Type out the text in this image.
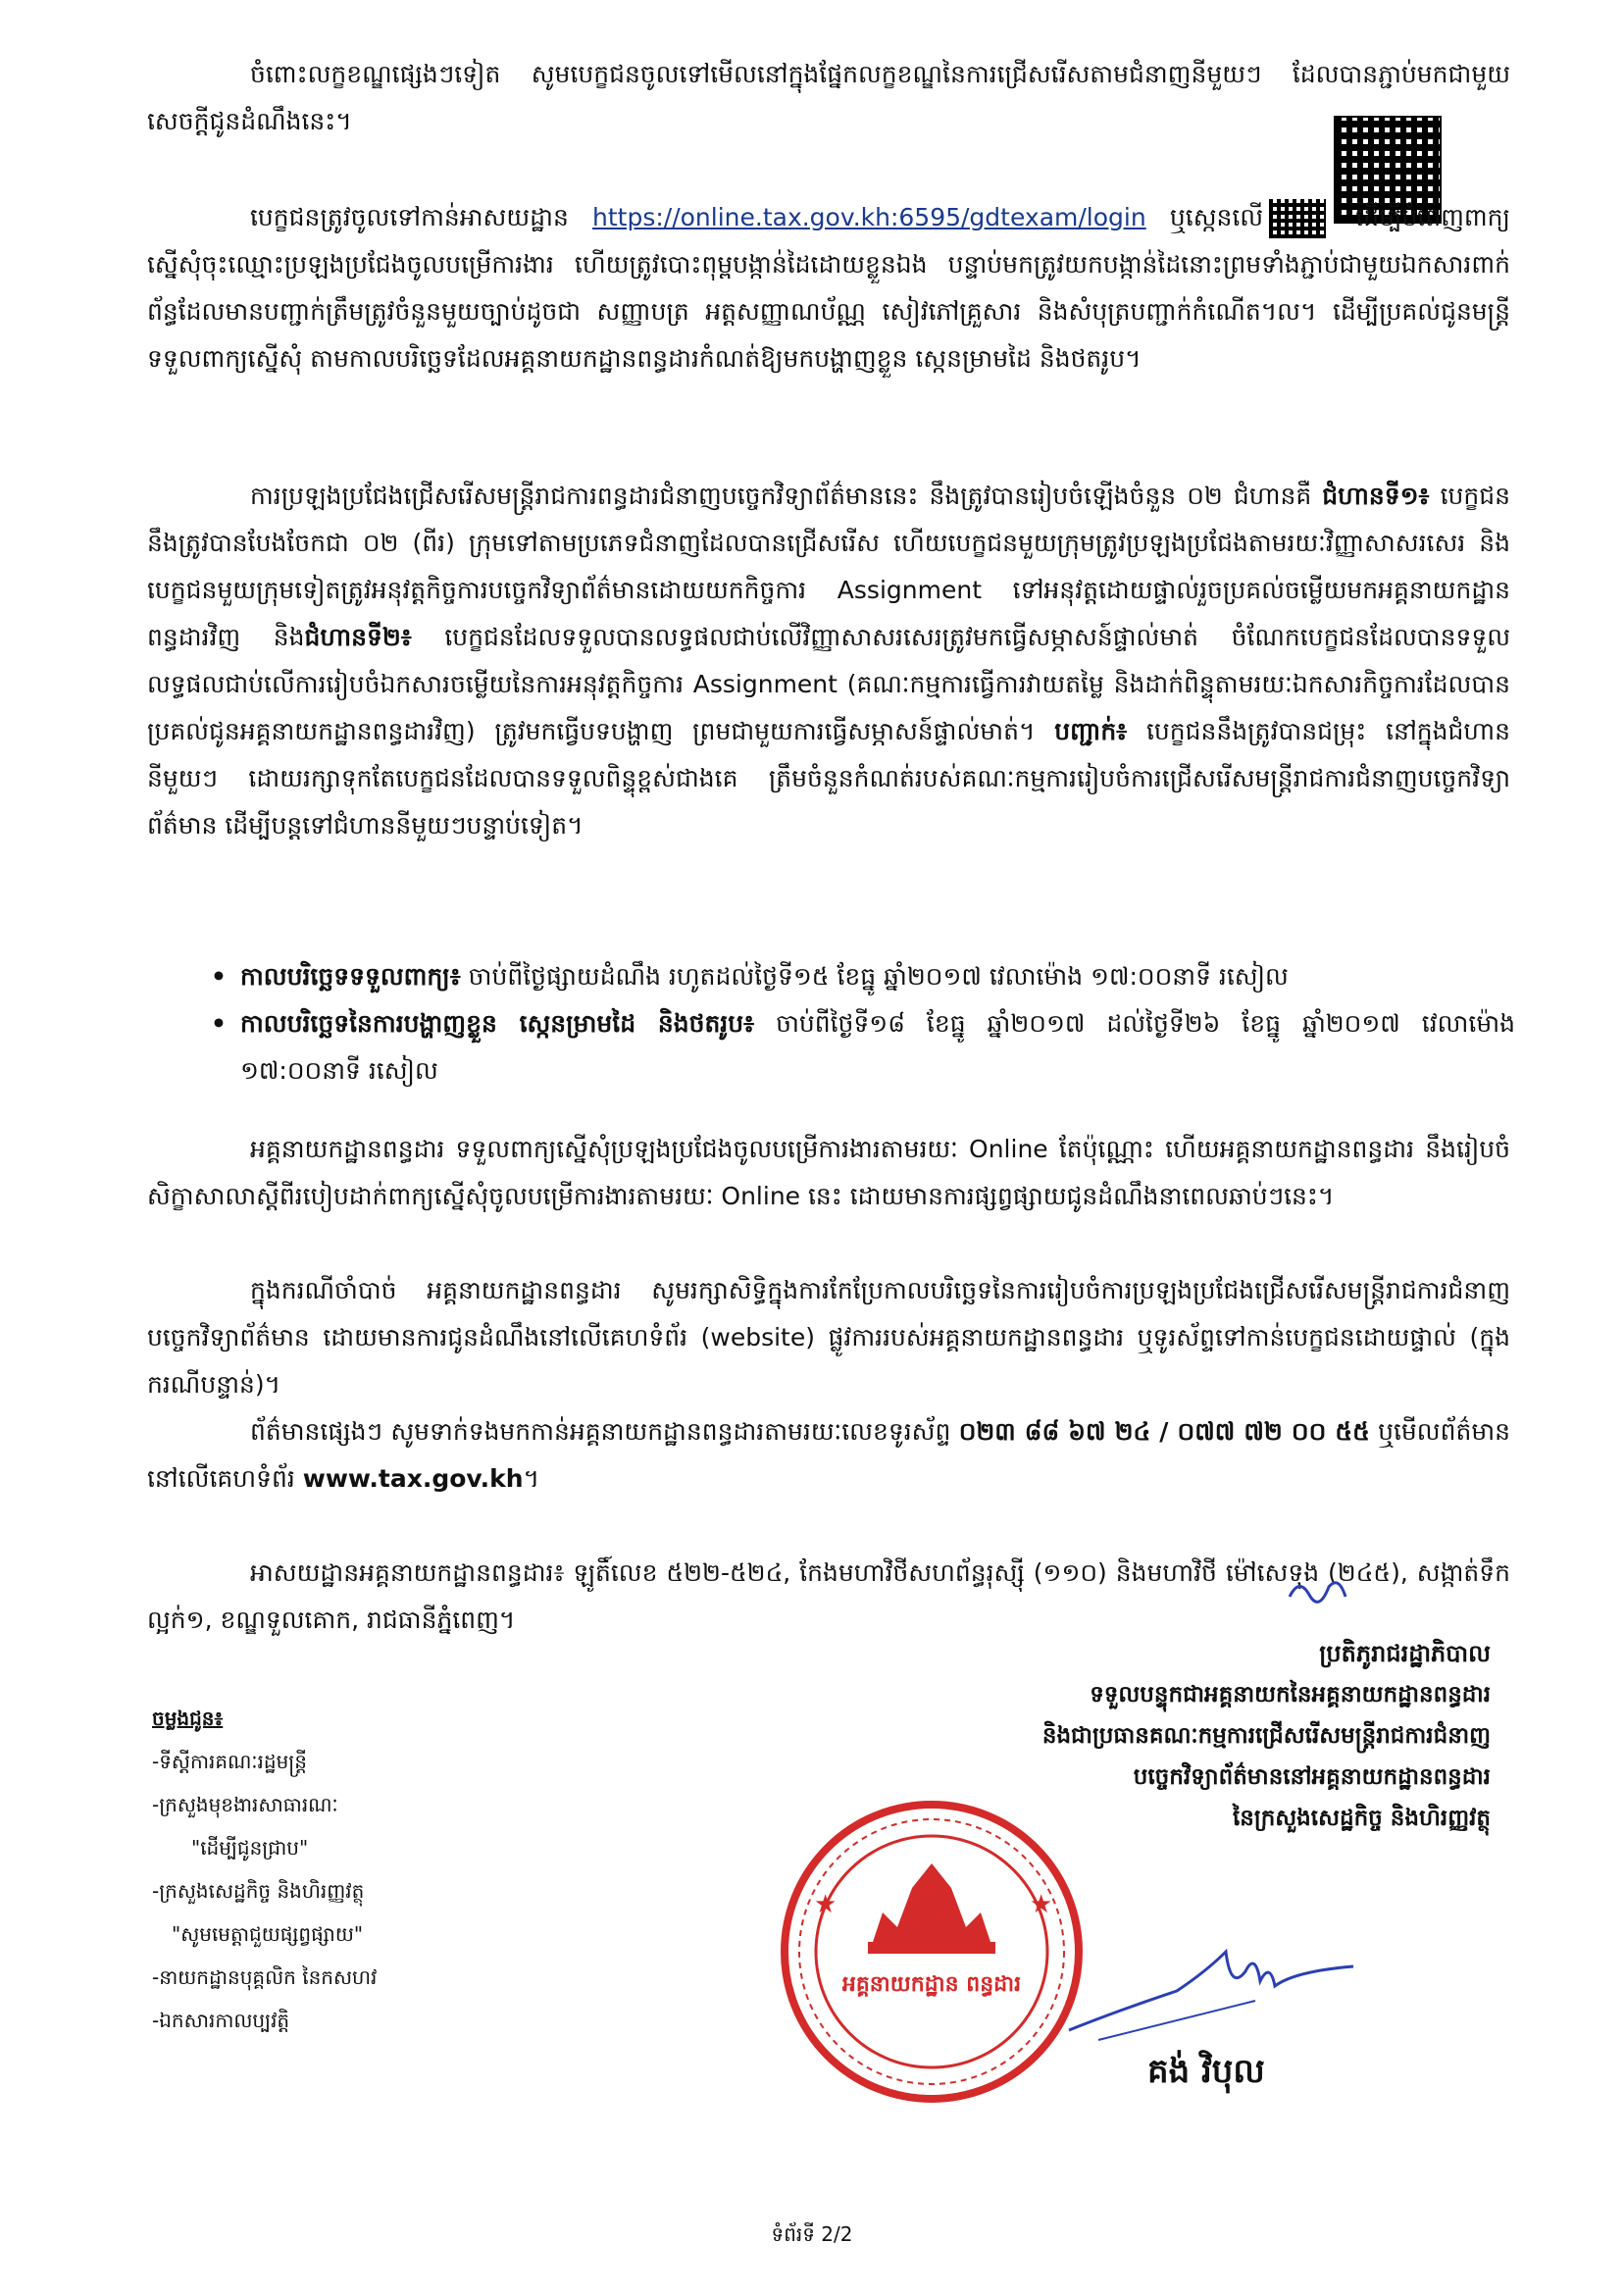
ចំពោះលក្ខខណ្ឌផ្សេងៗទៀត សូមបេក្ខជនចូលទៅមើលនៅក្នុងផ្នែកលក្ខខណ្ឌនៃការជ្រើសរើសតាមជំនាញនីមួយៗ ដែលបានភ្ជាប់មកជាមួយសេចក្តីជូនដំណឹងនេះ។

បេក្ខជនត្រូវចូលទៅកាន់អាសយដ្ឋាន https://online.tax.gov.kh:6595/gdtexam/login ឬស្កេនលើ	ដើម្បីបំពេញពាក្យស្នើសុំចុះឈ្មោះប្រឡងប្រជែងចូលបម្រើការងារ ហើយត្រូវបោះពុម្ពបង្កាន់ដៃដោយខ្លួនឯង បន្ទាប់មកត្រូវយកបង្កាន់ដៃនោះព្រមទាំងភ្ជាប់ជាមួយឯកសារពាក់ព័ន្ធដែលមានបញ្ជាក់ត្រឹមត្រូវចំនួនមួយច្បាប់ដូចជា សញ្ញាបត្រ អត្តសញ្ញាណប័ណ្ណ សៀវភៅគ្រួសារ និងសំបុត្របញ្ជាក់កំណើត។ល។ ដើម្បីប្រគល់ជូនមន្ត្រីទទួលពាក្យស្នើសុំ តាមកាលបរិច្ឆេទដែលអគ្គនាយកដ្ឋានពន្ធដារកំណត់ឱ្យមកបង្ហាញខ្លួន ស្កេនម្រាមដៃ និងថតរូប។

ការប្រឡងប្រជែងជ្រើសរើសមន្ត្រីរាជការពន្ធដារជំនាញបច្ចេកវិទ្យាព័ត៌មាននេះ នឹងត្រូវបានរៀបចំឡើងចំនួន ០២ ជំហានគឺ ជំហានទី១៖ បេក្ខជននឹងត្រូវបានបែងចែកជា ០២ (ពីរ) ក្រុមទៅតាមប្រភេទជំនាញដែលបានជ្រើសរើស ហើយបេក្ខជនមួយក្រុមត្រូវប្រឡងប្រជែងតាមរយៈវិញ្ញាសាសរសេរ និងបេក្ខជនមួយក្រុមទៀតត្រូវអនុវត្តកិច្ចការបច្ចេកវិទ្យាព័ត៌មានដោយយកកិច្ចការ Assignment ទៅអនុវត្តដោយផ្ទាល់រួចប្រគល់ចម្លើយមកអគ្គនាយកដ្ឋានពន្ធដារវិញ និងជំហានទី២៖ បេក្ខជនដែលទទួលបានលទ្ធផលជាប់លើវិញ្ញាសាសរសេរត្រូវមកធ្វើសម្ភាសន៍ផ្ទាល់មាត់ ចំណែកបេក្ខជនដែលបានទទួលលទ្ធផលជាប់លើការរៀបចំឯកសារចម្លើយនៃការអនុវត្តកិច្ចការ Assignment (គណៈកម្មការធ្វើការវាយតម្លៃ និងដាក់ពិន្ទុតាមរយៈឯកសារកិច្ចការដែលបានប្រគល់ជូនអគ្គនាយកដ្ឋានពន្ធដារវិញ) ត្រូវមកធ្វើបទបង្ហាញ ព្រមជាមួយការធ្វើសម្ភាសន៍ផ្ទាល់មាត់។ បញ្ជាក់៖ បេក្ខជននឹងត្រូវបានជម្រុះ នៅក្នុងជំហាននីមួយៗ ដោយរក្សាទុកតែបេក្ខជនដែលបានទទួលពិន្ទុខ្ពស់ជាងគេ ត្រឹមចំនួនកំណត់របស់គណៈកម្មការរៀបចំការជ្រើសរើសមន្ត្រីរាជការជំនាញបច្ចេកវិទ្យាព័ត៌មាន ដើម្បីបន្តទៅជំហាននីមួយៗបន្ទាប់ទៀត។

• កាលបរិច្ឆេទទទួលពាក្យ៖ ចាប់ពីថ្ងៃផ្សាយដំណឹង រហូតដល់ថ្ងៃទី១៥ ខែធ្នូ ឆ្នាំ២០១៧ វេលាម៉ោង ១៧:០០នាទី រសៀល
• កាលបរិច្ឆេទនៃការបង្ហាញខ្លួន ស្កេនម្រាមដៃ និងថតរូប៖ ចាប់ពីថ្ងៃទី១៨ ខែធ្នូ ឆ្នាំ២០១៧ ដល់ថ្ងៃទី២៦ ខែធ្នូ ឆ្នាំ២០១៧ វេលាម៉ោង ១៧:០០នាទី រសៀល

អគ្គនាយកដ្ឋានពន្ធដារ ទទួលពាក្យស្នើសុំប្រឡងប្រជែងចូលបម្រើការងារតាមរយៈ Online តែប៉ុណ្ណោះ ហើយអគ្គនាយកដ្ឋានពន្ធដារ នឹងរៀបចំសិក្ខាសាលាស្តីពីរបៀបដាក់ពាក្យស្នើសុំចូលបម្រើការងារតាមរយៈ Online នេះ ដោយមានការផ្សព្វផ្សាយជូនដំណឹងនាពេលឆាប់ៗនេះ។

ក្នុងករណីចាំបាច់ អគ្គនាយកដ្ឋានពន្ធដារ សូមរក្សាសិទ្ធិក្នុងការកែប្រែកាលបរិច្ឆេទនៃការរៀបចំការប្រឡងប្រជែងជ្រើសរើសមន្ត្រីរាជការជំនាញបច្ចេកវិទ្យាព័ត៌មាន ដោយមានការជូនដំណឹងនៅលើគេហទំព័រ (website) ផ្លូវការរបស់អគ្គនាយកដ្ឋានពន្ធដារ ឬទូរស័ព្ទទៅកាន់បេក្ខជនដោយផ្ទាល់ (ក្នុងករណីបន្ទាន់)។

ព័ត៌មានផ្សេងៗ សូមទាក់ទងមកកាន់អគ្គនាយកដ្ឋានពន្ធដារតាមរយៈលេខទូរស័ព្ទ ០២៣ ៨៨ ៦៧ ២៤ / ០៧៧ ៧២ ០០ ៥៥ ឬមើលព័ត៌មាននៅលើគេហទំព័រ www.tax.gov.kh។

អាសយដ្ឋានអគ្គនាយកដ្ឋានពន្ធដារ៖ ឡូតិ៍លេខ ៥២២-៥២៤, កែងមហាវិថីសហព័ន្ធរុស្ស៊ី (១១០) និងមហាវិថី ម៉ៅសេទុង (២៤៥), សង្កាត់ទឹកល្អក់១, ខណ្ឌទួលគោក, រាជធានីភ្នំពេញ។

ប្រតិភូរាជរដ្ឋាភិបាល
ទទួលបន្ទុកជាអគ្គនាយកនៃអគ្គនាយកដ្ឋានពន្ធដារ
និងជាប្រធានគណៈកម្មការជ្រើសរើសមន្ត្រីរាជការជំនាញ
បច្ចេកវិទ្យាព័ត៌មាននៅអគ្គនាយកដ្ឋានពន្ធដារ
នៃក្រសួងសេដ្ឋកិច្ច និងហិរញ្ញវត្ថុ
អគ្គនាយកដ្ឋាន ពន្ធដារ
★	★
គង់ វិបុល
ចម្លងជូន៖
-ទីស្តីការគណៈរដ្ឋមន្ត្រី
-ក្រសួងមុខងារសាធារណៈ
"ដើម្បីជូនជ្រាប"
-ក្រសួងសេដ្ឋកិច្ច និងហិរញ្ញវត្ថុ
"សូមមេត្តាជួយផ្សព្វផ្សាយ"
-នាយកដ្ឋានបុគ្គលិក នៃកសហវ
-ឯកសារកាលប្បវត្តិ
ទំព័រទី 2/2
